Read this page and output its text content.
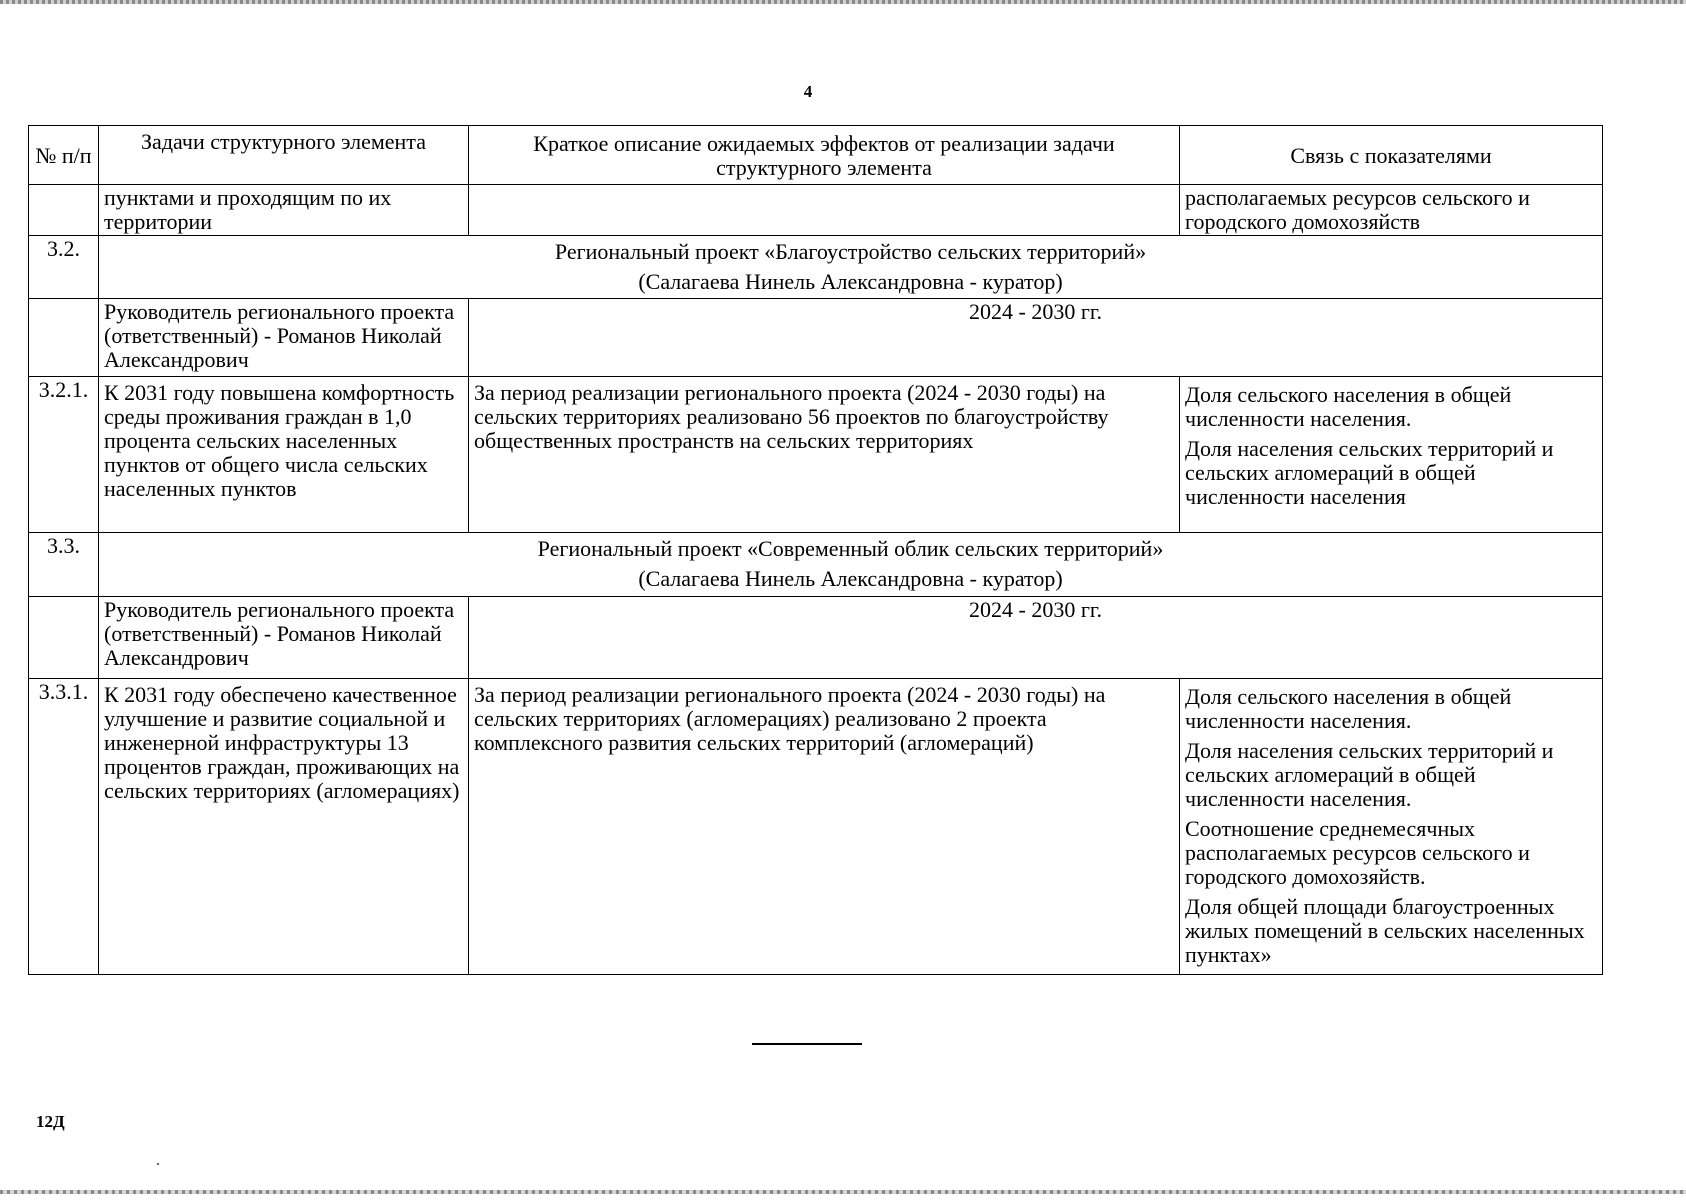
4
№ п/п	Задачи структурного элемента	Краткое описание ожидаемых эффектов от реализации задачи структурного элемента	Связь с показателями
	пунктами и проходящим по их территории		располагаемых ресурсов сельского и городского домохозяйств
3.2.	Региональный проект «Благоустройство сельских территорий»
(Салагаева Нинель Александровна - куратор)		

	Руководитель регионального проекта (ответственный) - Романов Николай Александрович	2024 - 2030 гг.	
3.2.1.	К 2031 году повышена комфортность среды проживания граждан в 1,0 процента сельских населенных пунктов от общего числа сельских населенных пунктов	За период реализации регионального проекта (2024 - 2030 годы) на сельских территориях реализовано 56 проектов по благоустройству общественных пространств на сельских территориях	Доля сельского населения в общей численности населения.

Доля населения сельских территорий и сельских агломераций в общей численности населения

3.3.	Региональный проект «Современный облик сельских территорий»
(Салагаева Нинель Александровна - куратор)		

	Руководитель регионального проекта (ответственный) - Романов Николай Александрович	2024 - 2030 гг.	
3.3.1.	К 2031 году обеспечено качественное улучшение и развитие социальной и инженерной инфраструктуры 13 процентов граждан, проживающих на сельских территориях (агломерациях)	За период реализации регионального проекта (2024 - 2030 годы) на сельских территориях (агломерациях) реализовано 2 проекта комплексного развития сельских территорий (агломераций)	Доля сельского населения в общей численности населения.

Доля населения сельских территорий и сельских агломераций в общей численности населения.

Соотношение среднемесячных располагаемых ресурсов сельского и городского домохозяйств.

Доля общей площади благоустроенных жилых помещений в сельских населенных пунктах»

12Д
